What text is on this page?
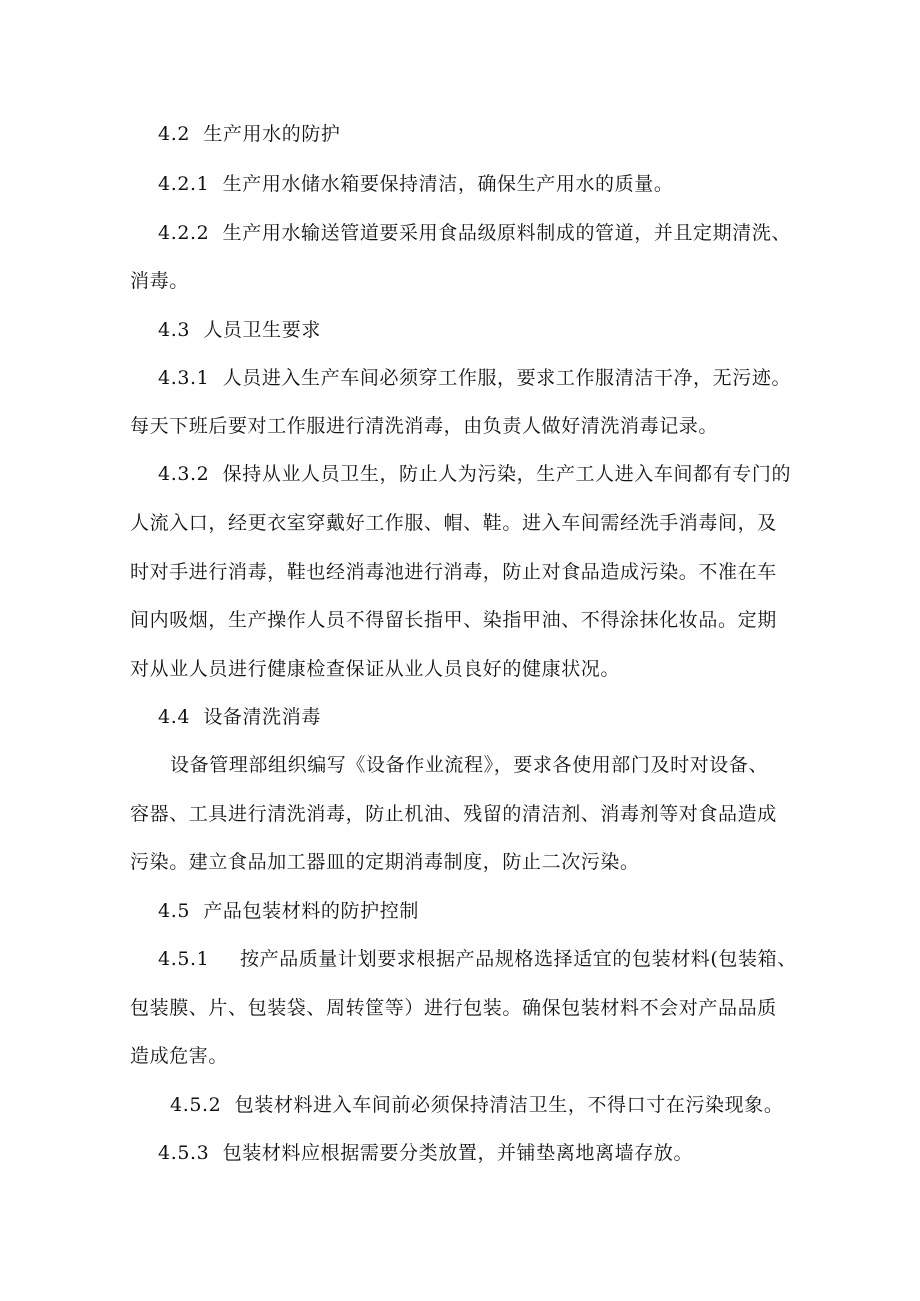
4.2 生产用水的防护
4.2.1 生产用水储水箱要保持清洁，确保生产用水的质量。
4.2.2 生产用水输送管道要采用食品级原料制成的管道，并且定期清洗、
消毒。
4.3 人员卫生要求
4.3.1 人员进入生产车间必须穿工作服，要求工作服清洁干净，无污迹。
每天下班后要对工作服进行清洗消毒，由负责人做好清洗消毒记录。
4.3.2 保持从业人员卫生，防止人为污染，生产工人进入车间都有专门的
人流入口，经更衣室穿戴好工作服、帽、鞋。进入车间需经洗手消毒间，及
时对手进行消毒，鞋也经消毒池进行消毒，防止对食品造成污染。不准在车
间内吸烟，生产操作人员不得留长指甲、染指甲油、不得涂抹化妆品。定期
对从业人员进行健康检查保证从业人员良好的健康状况。
4.4 设备清洗消毒
设备管理部组织编写《设备作业流程》，要求各使用部门及时对设备、
容器、工具进行清洗消毒，防止机油、残留的清洁剂、消毒剂等对食品造成
污染。建立食品加工器皿的定期消毒制度，防止二次污染。
4.5 产品包装材料的防护控制
4.5.1 按产品质量计划要求根据产品规格选择适宜的包装材料(包装箱、
包装膜、片、包装袋、周转筐等）进行包装。确保包装材料不会对产品品质
造成危害。
4.5.2 包装材料进入车间前必须保持清洁卫生，不得口寸在污染现象。
4.5.3 包装材料应根据需要分类放置，并铺垫离地离墙存放。
